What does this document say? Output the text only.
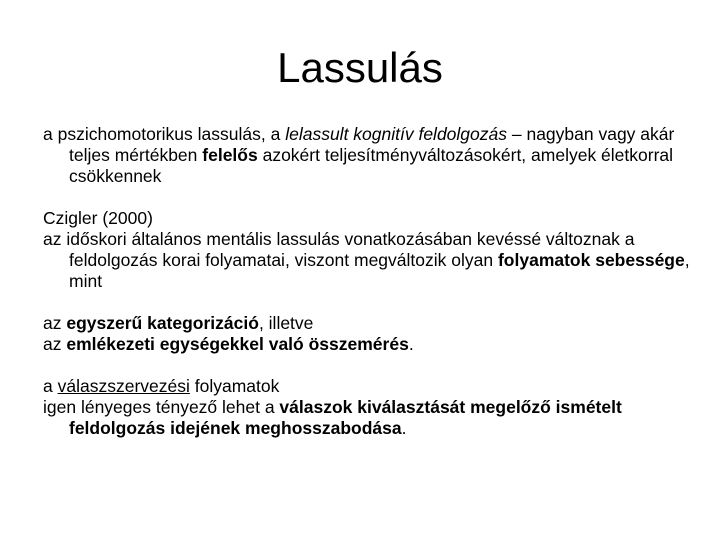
Lassulás
a pszichomotorikus lassulás, a lelassult kognitív feldolgozás – nagyban vagy akár teljes mértékben felelős azokért teljesítményváltozásokért, amelyek életkorral csökkennek
Czigler (2000)
az időskori általános mentális lassulás vonatkozásában kevéssé változnak a feldolgozás korai folyamatai, viszont megváltozik olyan folyamatok sebessége, mint
az egyszerű kategorizáció, illetve
az emlékezeti egységekkel való összemérés.
a válaszszervezési folyamatok
igen lényeges tényező lehet a válaszok kiválasztását megelőző ismételt feldolgozás idejének meghosszabodása.
